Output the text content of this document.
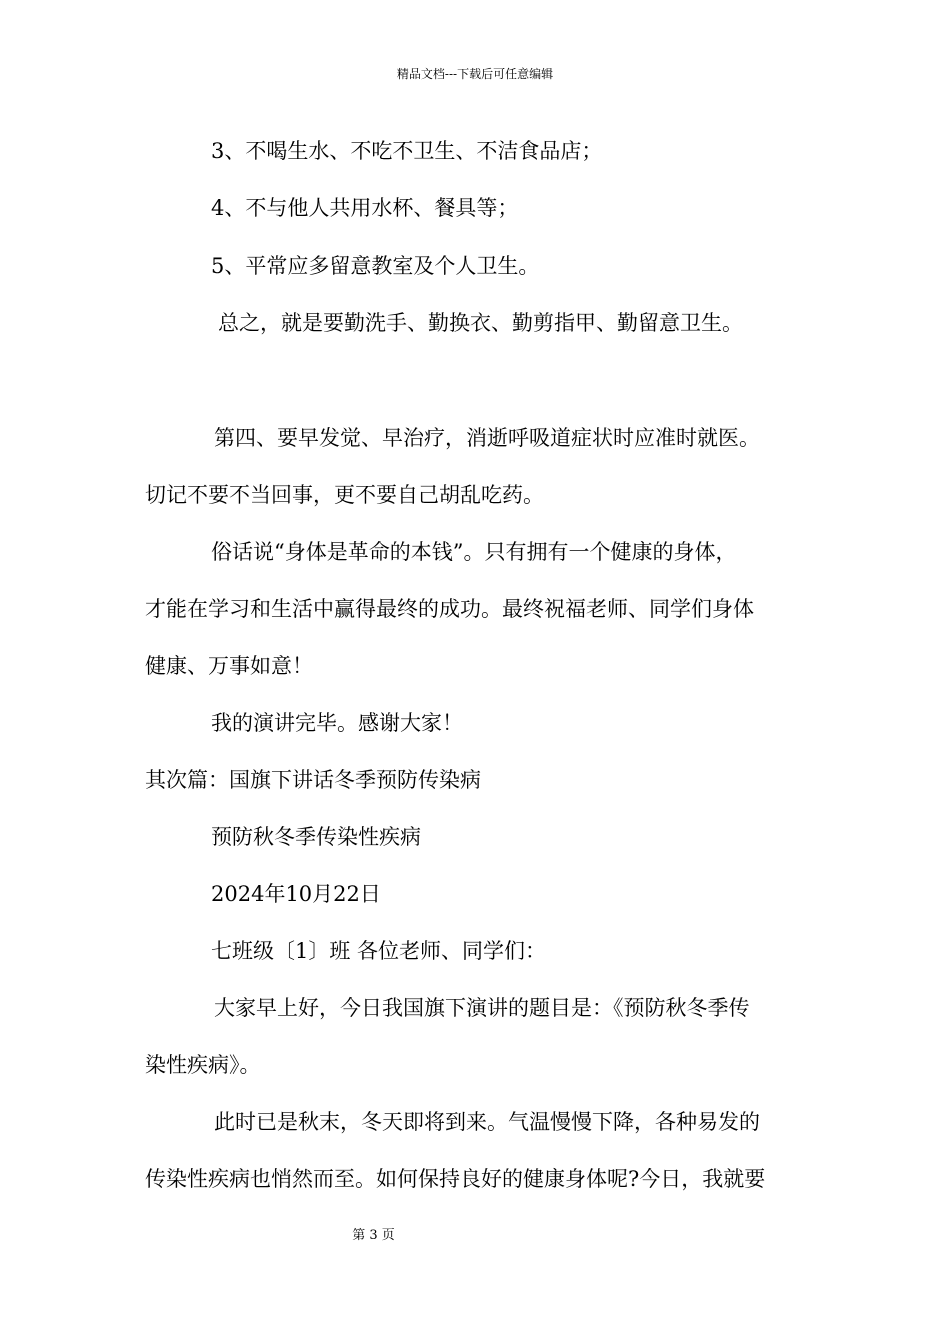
精品文档---下载后可任意编辑
3、不喝生水、不吃不卫生、不洁食品店；
4、不与他人共用水杯、餐具等；
5、平常应多留意教室及个人卫生。
总之，就是要勤洗手、勤换衣、勤剪指甲、勤留意卫生。
第四、要早发觉、早治疗，消逝呼吸道症状时应准时就医。
切记不要不当回事，更不要自己胡乱吃药。
俗话说“身体是革命的本钱”。只有拥有一个健康的身体，
才能在学习和生活中赢得最终的成功。最终祝福老师、同学们身体
健康、万事如意！
我的演讲完毕。感谢大家！
其次篇：国旗下讲话冬季预防传染病
预防秋冬季传染性疾病
2024年10月22日
七班级〔1〕班 各位老师、同学们：
大家早上好，今日我国旗下演讲的题目是：《预防秋冬季传
染性疾病》。
此时已是秋末，冬天即将到来。气温慢慢下降，各种易发的
传染性疾病也悄然而至。如何保持良好的健康身体呢?今日，我就要
第 3 页
